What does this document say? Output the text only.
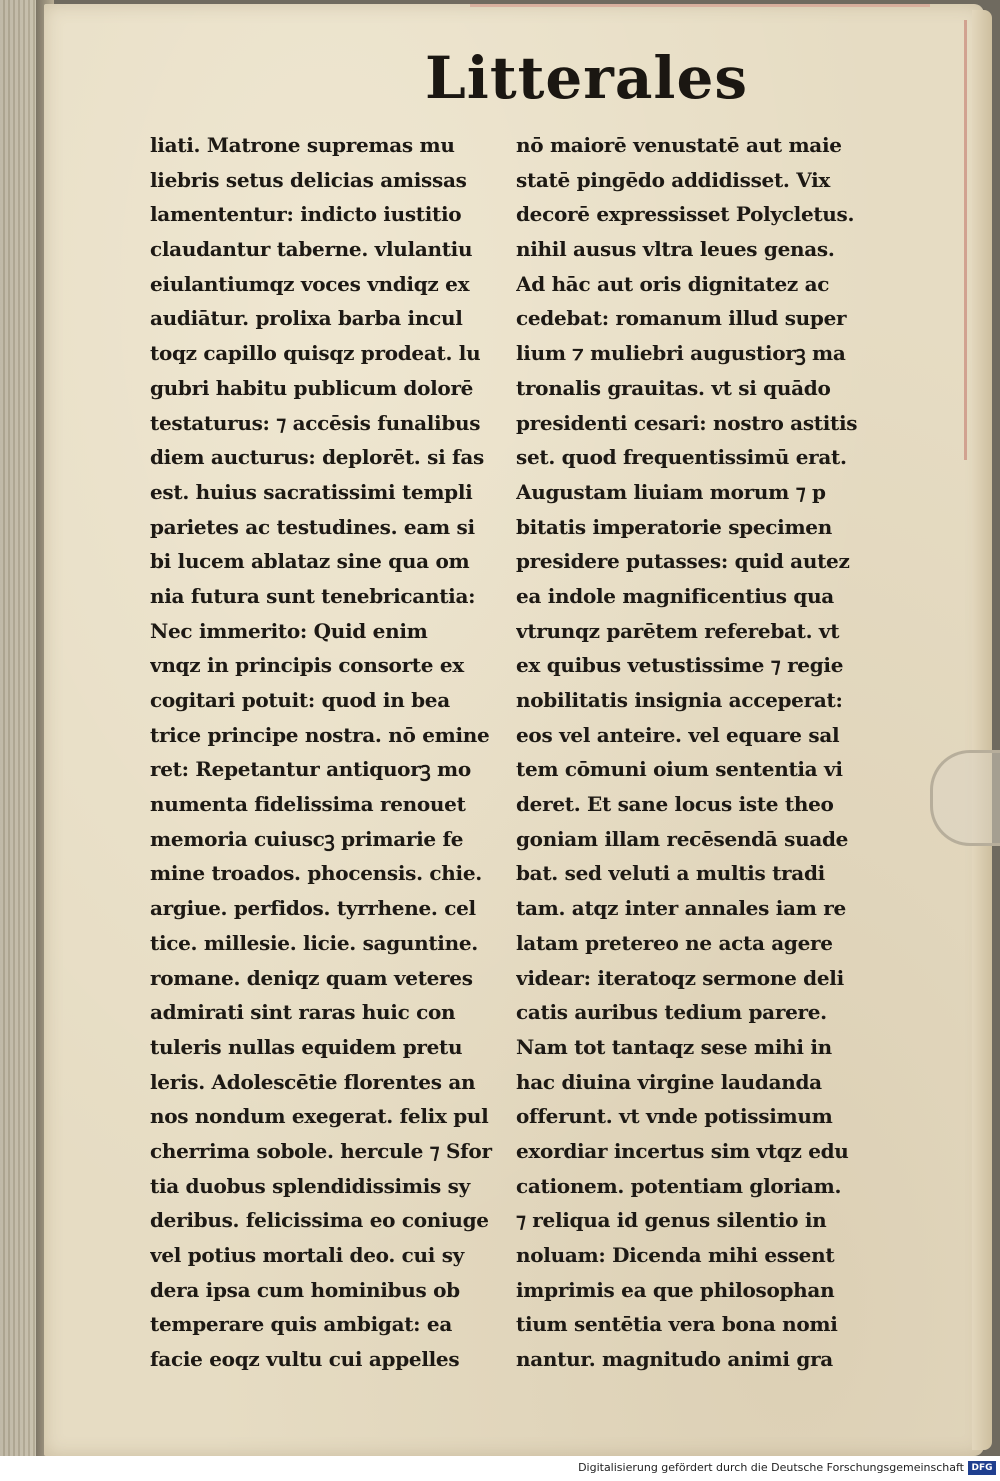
Litterales
liati. Matrone supremas mu
liebris setus delicias amissas
lamententur: indicto iustitio
claudantur taberne. vlulantiu
eiulantiumqz voces vndiqz ex
audiātur. prolixa barba incul
toqz capillo quisqz prodeat. lu
gubri habitu publicum dolorē
testaturus: ⁊ accēsis funalibus
diem aucturus: deplorēt. si fas
est. huius sacratissimi templi
parietes ac testudines. eam si
bi lucem ablataz sine qua om
nia futura sunt tenebricantia:
Nec immerito: Quid enim
vnqz in principis consorte ex
cogitari potuit: quod in bea
trice principe nostra. nō emine
ret: Repetantur antiquorꝫ mo
numenta fidelissima renouet
memoria cuiuscꝫ primarie fe
mine troados. phocensis. chie.
argiue. perfidos. tyrrhene. cel
tice. millesie. licie. saguntine.
romane. deniqz quam veteres
admirati sint raras huic con
tuleris nullas equidem pretu
leris. Adolescētie florentes an
nos nondum exegerat. felix pul
cherrima sobole. hercule ⁊ Sfor
tia duobus splendidissimis sy
deribus. felicissima eo coniuge
vel potius mortali deo. cui sy
dera ipsa cum hominibus ob
temperare quis ambigat: ea
facie eoqz vultu cui appelles
nō maiorē venustatē aut maie
statē pingēdo addidisset. Vix
decorē expressisset Polycletus.
nihil ausus vltra leues genas.
Ad hāc aut oris dignitatez ac
cedebat: romanum illud super
lium ⁊ muliebri augustiorꝫ ma
tronalis grauitas. vt si quādo
presidenti cesari: nostro astitis
set. quod frequentissimū erat.
Augustam liuiam morum ⁊ p
bitatis imperatorie specimen
presidere putasses: quid autez
ea indole magnificentius qua
vtrunqz parētem referebat. vt
ex quibus vetustissime ⁊ regie
nobilitatis insignia acceperat:
eos vel anteire. vel equare sal
tem cōmuni oium sententia vi
deret. Et sane locus iste theo
goniam illam recēsendā suade
bat. sed veluti a multis tradi
tam. atqz inter annales iam re
latam pretereo ne acta agere
videar: iteratoqz sermone deli
catis auribus tedium parere.
Nam tot tantaqz sese mihi in
hac diuina virgine laudanda
offerunt. vt vnde potissimum
exordiar incertus sim vtqz edu
cationem. potentiam gloriam.
⁊ reliqua id genus silentio in
noluam: Dicenda mihi essent
imprimis ea que philosophan
tium sentētia vera bona nomi
nantur. magnitudo animi gra
Digitalisierung gefördert durch die Deutsche Forschungsgemeinschaft DFG
